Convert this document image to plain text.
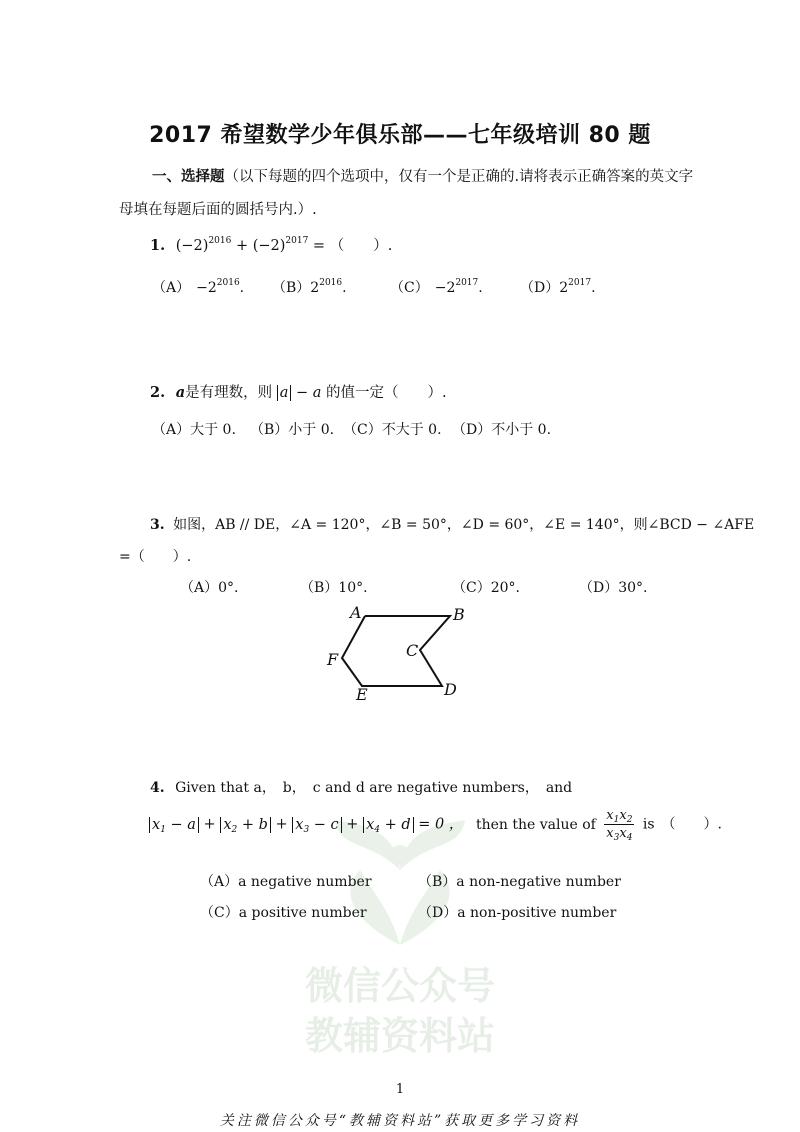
微信公众号
教辅资料站
2017 希望数学少年俱乐部——七年级培训 80 题
一、选择题（以下每题的四个选项中，仅有一个是正确的.请将表示正确答案的英文字
母填在每题后面的圆括号内.）.
1. $(-2)^{2016} + (-2)^{2017}$ = （　　）.
$(A) -2^{2016}$. $(B)2^{2016}$.	$(C) -2^{2017}$.	$(D)2^{2017}$.
2. a是有理数，则 a − a 的值一定（　　）.
（A）大于 0. （B）小于 0. （C）不大于 0. （D）不小于 0.
3. 如图，AB // DE，∠A = 120°，∠B = 50°，∠D = 60°，∠E = 140°，则∠BCD − ∠AFE
=（　　）.
（A）0°.	（B）10°.	（C）20°.	（D）30°.
A	B
C
D
E
F
4. Given that a，　b，　c and d are negative numbers，　and
$x_1 - a + x_2 + b + x_3 - c + x_4 + d = 0$ ， then the value of $\frac{x_1x_2}{x_3x_4}$ is　（　　）.
（A）a negative number	（B）a non-negative number
（C）a positive number	（D）a non-positive number
1
关注微信公众号“教辅资料站”获取更多学习资料
